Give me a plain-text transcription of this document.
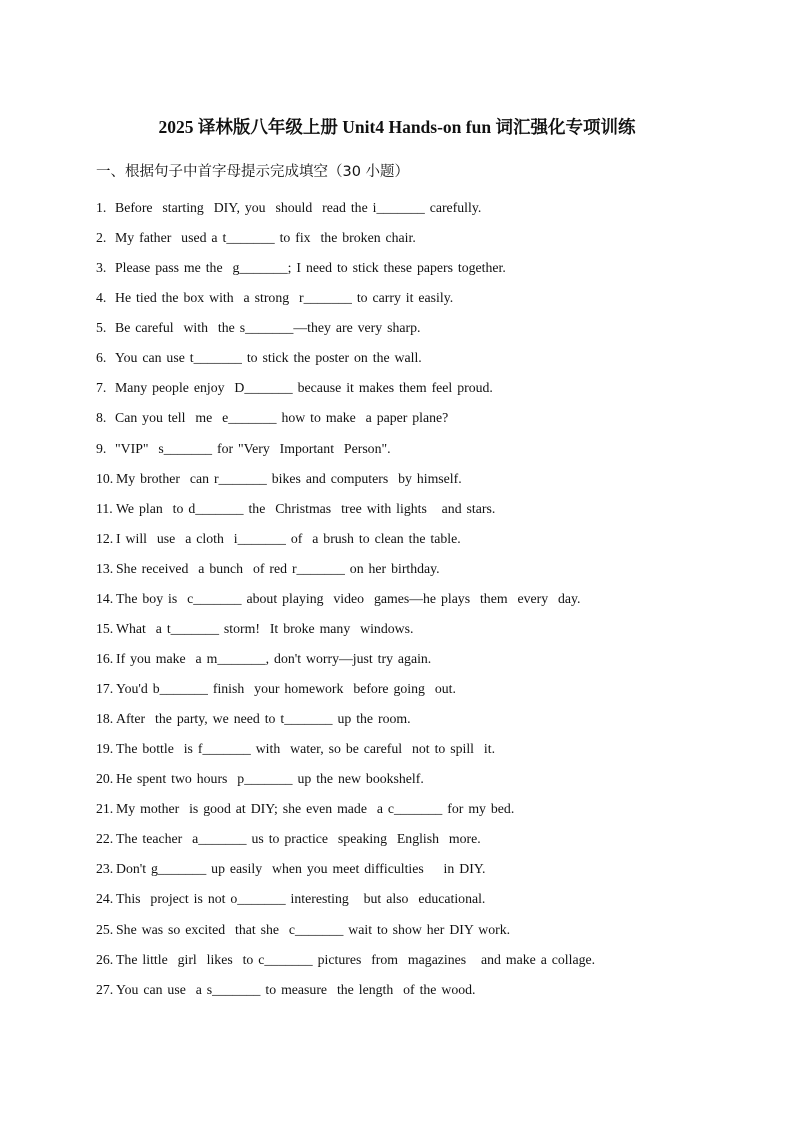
2025 译林版八年级上册 Unit4 Hands-on fun 词汇强化专项训练
一、根据句子中首字母提示完成填空（30 小题）
1. Before  starting  DIY, you  should  read the i_______ carefully.
2. My father  used a t_______ to fix  the broken chair.
3. Please pass me the  g_______; I need to stick these papers together.
4. He tied the box with  a strong  r_______ to carry it easily.
5. Be careful  with  the s_______—they are very sharp.
6. You can use t_______ to stick the poster on the wall.
7. Many people enjoy  D_______ because it makes them feel proud.
8. Can you tell  me  e_______ how to make  a paper plane?
9. "VIP"  s_______ for "Very  Important  Person".
10. My brother  can r_______ bikes and computers  by himself.
11. We plan  to d_______ the  Christmas  tree with lights   and stars.
12. I will  use  a cloth  i_______ of  a brush to clean the table.
13. She received  a bunch  of red r_______ on her birthday.
14. The boy is  c_______ about playing  video  games—he plays  them  every  day.
15. What  a t_______ storm!  It broke many  windows.
16. If you make  a m_______, don't worry—just try again.
17. You'd b_______ finish  your homework  before going  out.
18. After  the party, we need to t_______ up the room.
19. The bottle  is f_______ with  water, so be careful  not to spill  it.
20. He spent two hours  p_______ up the new bookshelf.
21. My mother  is good at DIY; she even made  a c_______ for my bed.
22. The teacher  a_______ us to practice  speaking  English  more.
23. Don't g_______ up easily  when you meet difficulties    in DIY.
24. This  project is not o_______ interesting   but also  educational.
25. She was so excited  that she  c_______ wait to show her DIY work.
26. The little  girl  likes  to c_______ pictures  from  magazines   and make a collage.
27. You can use  a s_______ to measure  the length  of the wood.
